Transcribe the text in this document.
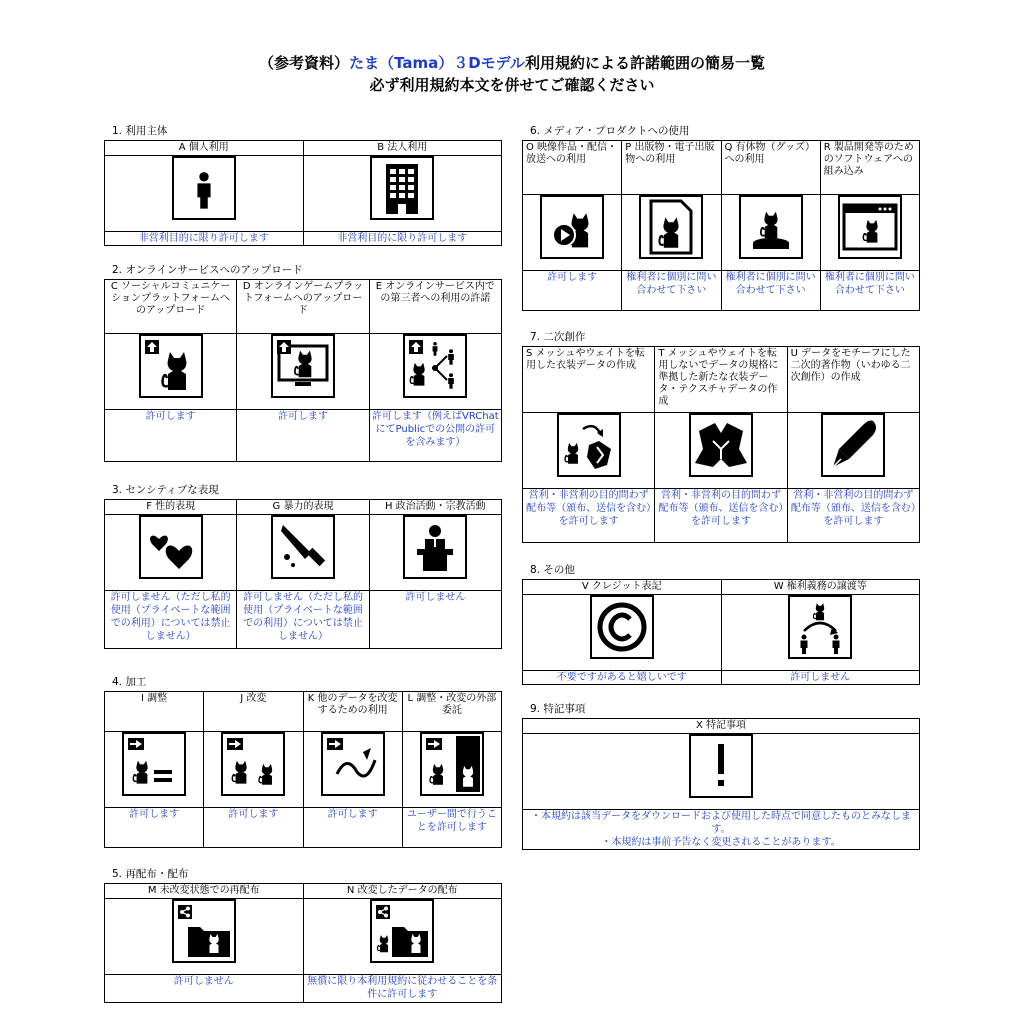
（参考資料）たま（Tama）３Dモデル利用規約による許諾範囲の簡易一覧
必ず利用規約本文を併せてご確認ください
1. 利用主体
A 個人利用	B 法人利用

非営利目的に限り許可します	非営利目的に限り許可します
2. オンラインサービスへのアップロード
C ソーシャルコミュニケーションプラットフォームへのアップロード	D オンラインゲームプラットフォームへのアップロード	E オンラインサービス内での第三者への利用の許諾

許可します	許可します	許可します（例えばVRChatにてPublicでの公開の許可を含みます）
3. センシティブな表現
F 性的表現	G 暴力的表現	H 政治活動・宗教活動

許可しません（ただし私的使用（プライベートな範囲での利用）については禁止しません）	許可しません（ただし私的使用（プライベートな範囲での利用）については禁止しません）	許可しません
4. 加工
I 調整	J 改変	K 他のデータを改変するための利用	L 調整・改変の外部委託

許可します	許可します	許可します	ユーザー間で行うことを許可します
5. 再配布・配布
M 未改変状態での再配布	N 改変したデータの配布

許可しません	無償に限り本利用規約に従わせることを条件に許可します
6. メディア・プロダクトへの使用
O 映像作品・配信・放送への利用	P 出版物・電子出版物への利用	Q 有体物（グッズ）への利用	R 製品開発等のためのソフトウェアへの組み込み

許可します	権利者に個別に問い合わせて下さい	権利者に個別に問い合わせて下さい	権利者に個別に問い合わせて下さい
7. 二次創作
S メッシュやウェイトを転用した衣装データの作成	T メッシュやウェイトを転用しないでデータの規格に準拠した新たな衣装データ・テクスチャデータの作成	U データをモチーフにした二次的著作物（いわゆる二次創作）の作成

営利・非営利の目的問わず配布等（頒布、送信を含む）を許可します	営利・非営利の目的問わず配布等（頒布、送信を含む）を許可します	営利・非営利の目的問わず配布等（頒布、送信を含む）を許可します
8. その他
V クレジット表記	W 権利義務の譲渡等

不要ですがあると嬉しいです	許可しません
9. 特記事項
X 特記事項

・本規約は該当データをダウンロードおよび使用した時点で同意したものとみなします。
・本規約は事前予告なく変更されることがあります。
